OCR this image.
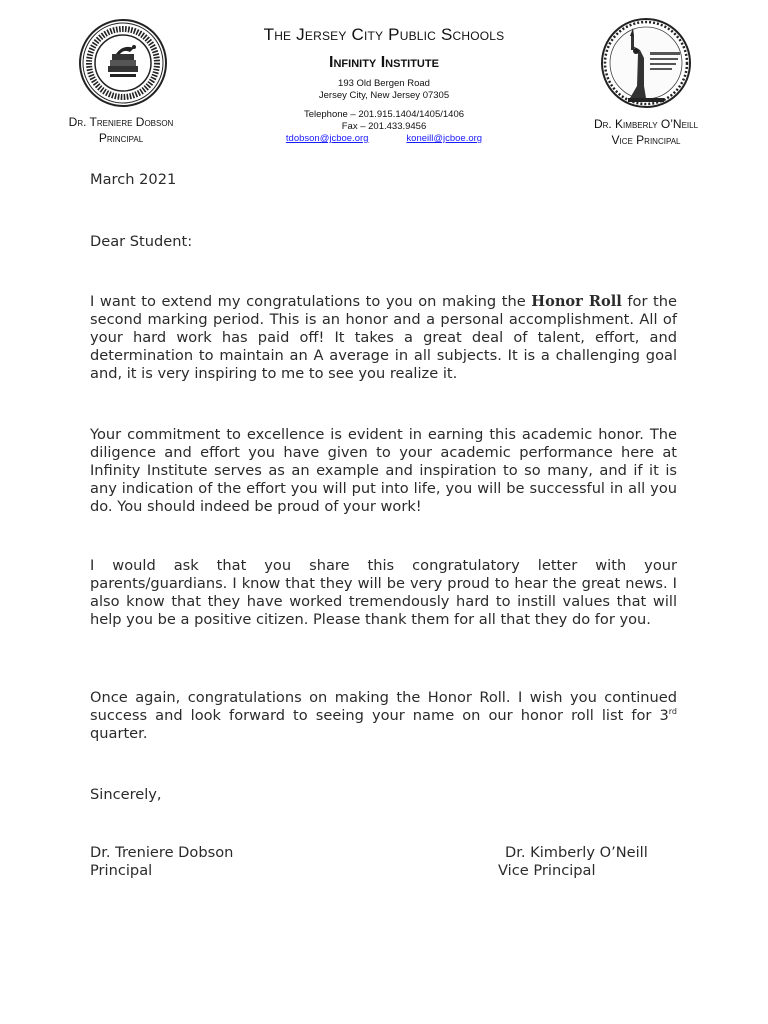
Dr. Treniere Dobson
Principal
The Jersey City Public Schools
Infinity Institute
193 Old Bergen Road
Jersey City, New Jersey 07305
Telephone – 201.915.1404/1405/1406
Fax – 201.433.9456
tdobson@jcboe.org	koneill@jcboe.org
Dr. Kimberly O’Neill
Vice Principal
March 2021
Dear Student:
I want to extend my congratulations to you on making the Honor Roll for the second marking period. This is an honor and a personal accomplishment. All of your hard work has paid off! It takes a great deal of talent, effort, and determination to maintain an A average in all subjects. It is a challenging goal and, it is very inspiring to me to see you realize it.
Your commitment to excellence is evident in earning this academic honor. The diligence and effort you have given to your academic performance here at Infinity Institute serves as an example and inspiration to so many, and if it is any indication of the effort you will put into life, you will be successful in all you do. You should indeed be proud of your work!
I would ask that you share this congratulatory letter with your parents/guardians. I know that they will be very proud to hear the great news. I also know that they have worked tremendously hard to instill values that will help you be a positive citizen. Please thank them for all that they do for you.
Once again, congratulations on making the Honor Roll. I wish you continued success and look forward to seeing your name on our honor roll list for 3rd quarter.
Sincerely,
Dr. Treniere Dobson
Principal
Dr. Kimberly O’Neill
Vice Principal
